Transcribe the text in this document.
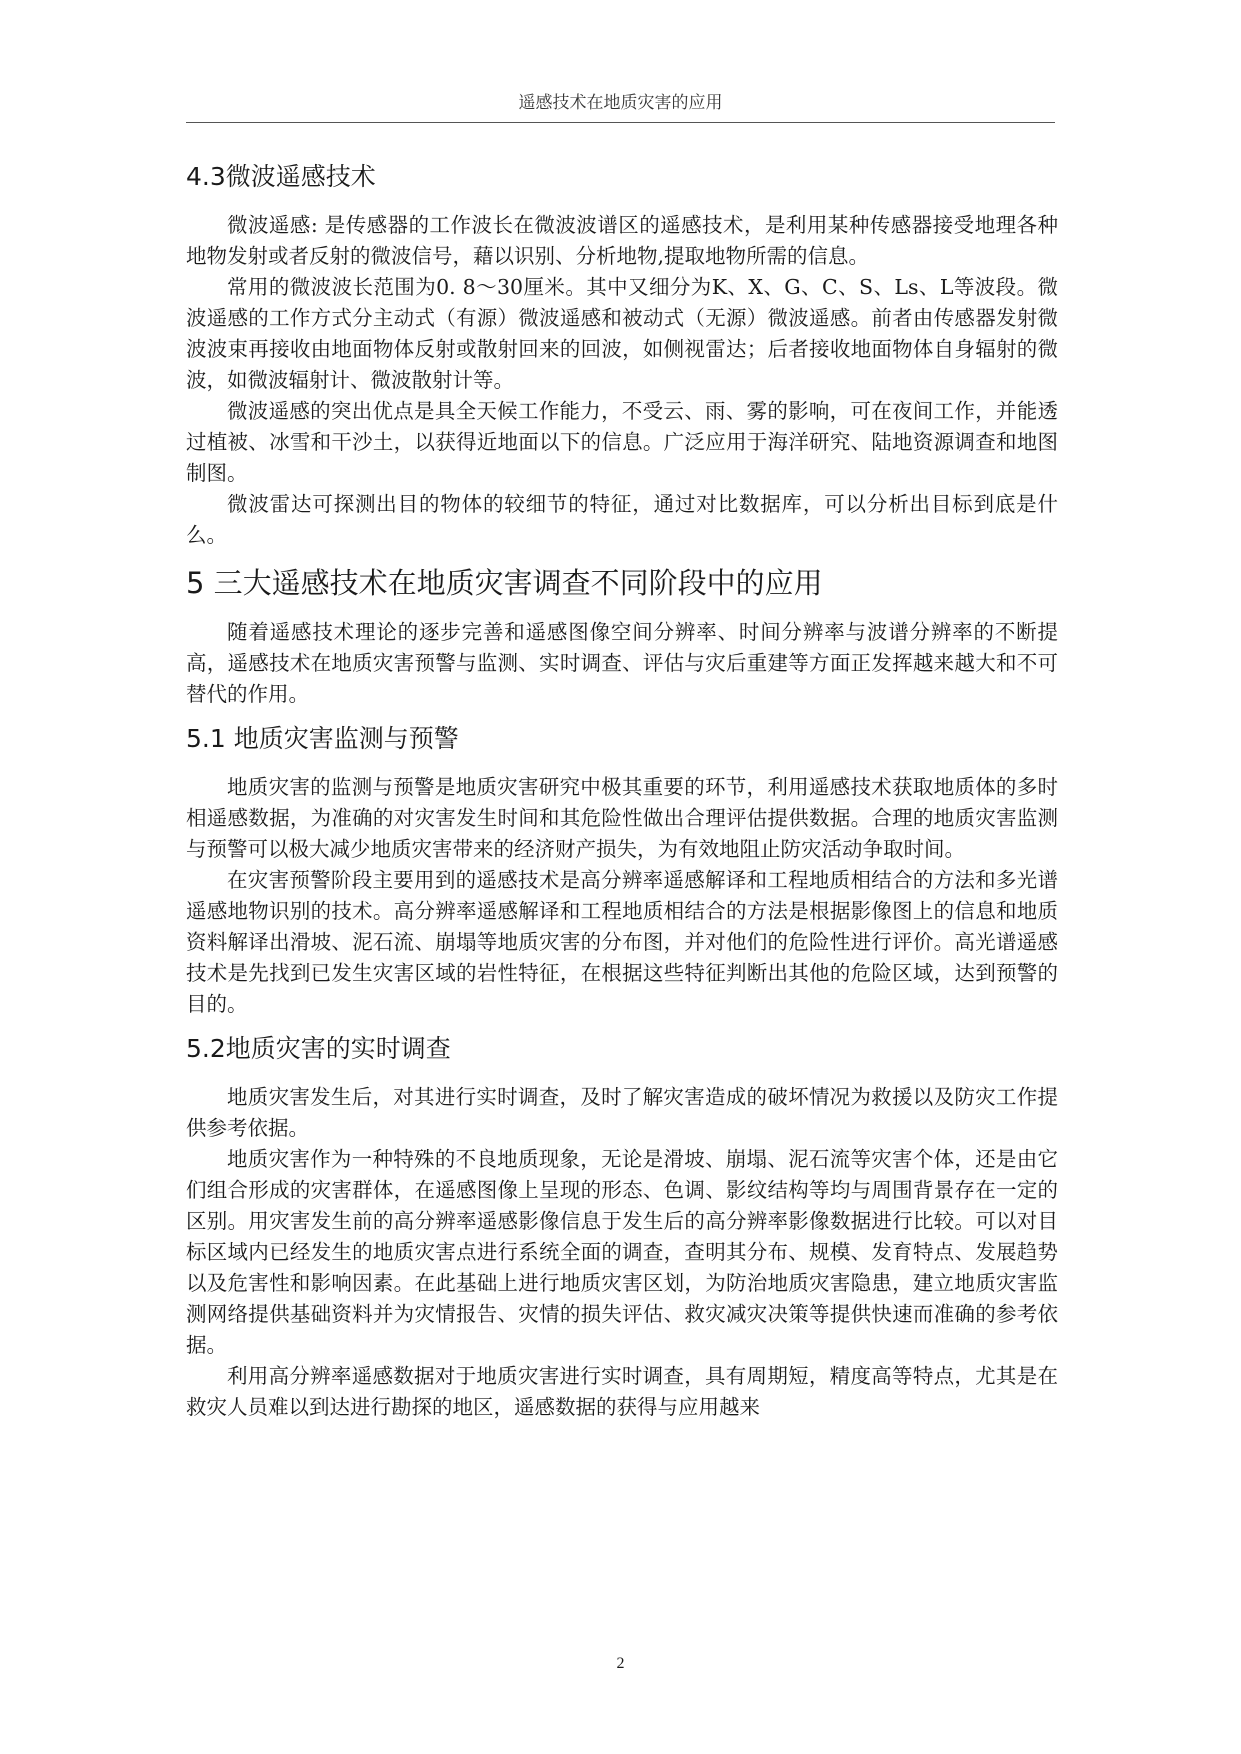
遥感技术在地质灾害的应用
4.3微波遥感技术

微波遥感: 是传感器的工作波长在微波波谱区的遥感技术，是利用某种传感器接受地理各种地物发射或者反射的微波信号，藉以识别、分析地物,提取地物所需的信息。

常用的微波波长范围为0. 8～30厘米。其中又细分为K、X、G、C、S、Ls、L等波段。微波遥感的工作方式分主动式（有源）微波遥感和被动式（无源）微波遥感。前者由传感器发射微波波束再接收由地面物体反射或散射回来的回波，如侧视雷达；后者接收地面物体自身辐射的微波，如微波辐射计、微波散射计等。

微波遥感的突出优点是具全天候工作能力，不受云、雨、雾的影响，可在夜间工作，并能透过植被、冰雪和干沙土，以获得近地面以下的信息。广泛应用于海洋研究、陆地资源调查和地图制图。

微波雷达可探测出目的物体的较细节的特征，通过对比数据库，可以分析出目标到底是什么。

5 三大遥感技术在地质灾害调查不同阶段中的应用

随着遥感技术理论的逐步完善和遥感图像空间分辨率、时间分辨率与波谱分辨率的不断提高，遥感技术在地质灾害预警与监测、实时调查、评估与灾后重建等方面正发挥越来越大和不可替代的作用。

5.1 地质灾害监测与预警

地质灾害的监测与预警是地质灾害研究中极其重要的环节，利用遥感技术获取地质体的多时相遥感数据，为准确的对灾害发生时间和其危险性做出合理评估提供数据。合理的地质灾害监测与预警可以极大减少地质灾害带来的经济财产损失，为有效地阻止防灾活动争取时间。

在灾害预警阶段主要用到的遥感技术是高分辨率遥感解译和工程地质相结合的方法和多光谱遥感地物识别的技术。高分辨率遥感解译和工程地质相结合的方法是根据影像图上的信息和地质资料解译出滑坡、泥石流、崩塌等地质灾害的分布图，并对他们的危险性进行评价。高光谱遥感技术是先找到已发生灾害区域的岩性特征，在根据这些特征判断出其他的危险区域，达到预警的目的。

5.2地质灾害的实时调查

地质灾害发生后，对其进行实时调查，及时了解灾害造成的破坏情况为救援以及防灾工作提供参考依据。

地质灾害作为一种特殊的不良地质现象，无论是滑坡、崩塌、泥石流等灾害个体，还是由它们组合形成的灾害群体，在遥感图像上呈现的形态、色调、影纹结构等均与周围背景存在一定的区别。用灾害发生前的高分辨率遥感影像信息于发生后的高分辨率影像数据进行比较。可以对目标区域内已经发生的地质灾害点进行系统全面的调查，查明其分布、规模、发育特点、发展趋势以及危害性和影响因素。在此基础上进行地质灾害区划，为防治地质灾害隐患，建立地质灾害监测网络提供基础资料并为灾情报告、灾情的损失评估、救灾减灾决策等提供快速而准确的参考依据。

利用高分辨率遥感数据对于地质灾害进行实时调查，具有周期短，精度高等特点，尤其是在救灾人员难以到达进行勘探的地区，遥感数据的获得与应用越来

2
